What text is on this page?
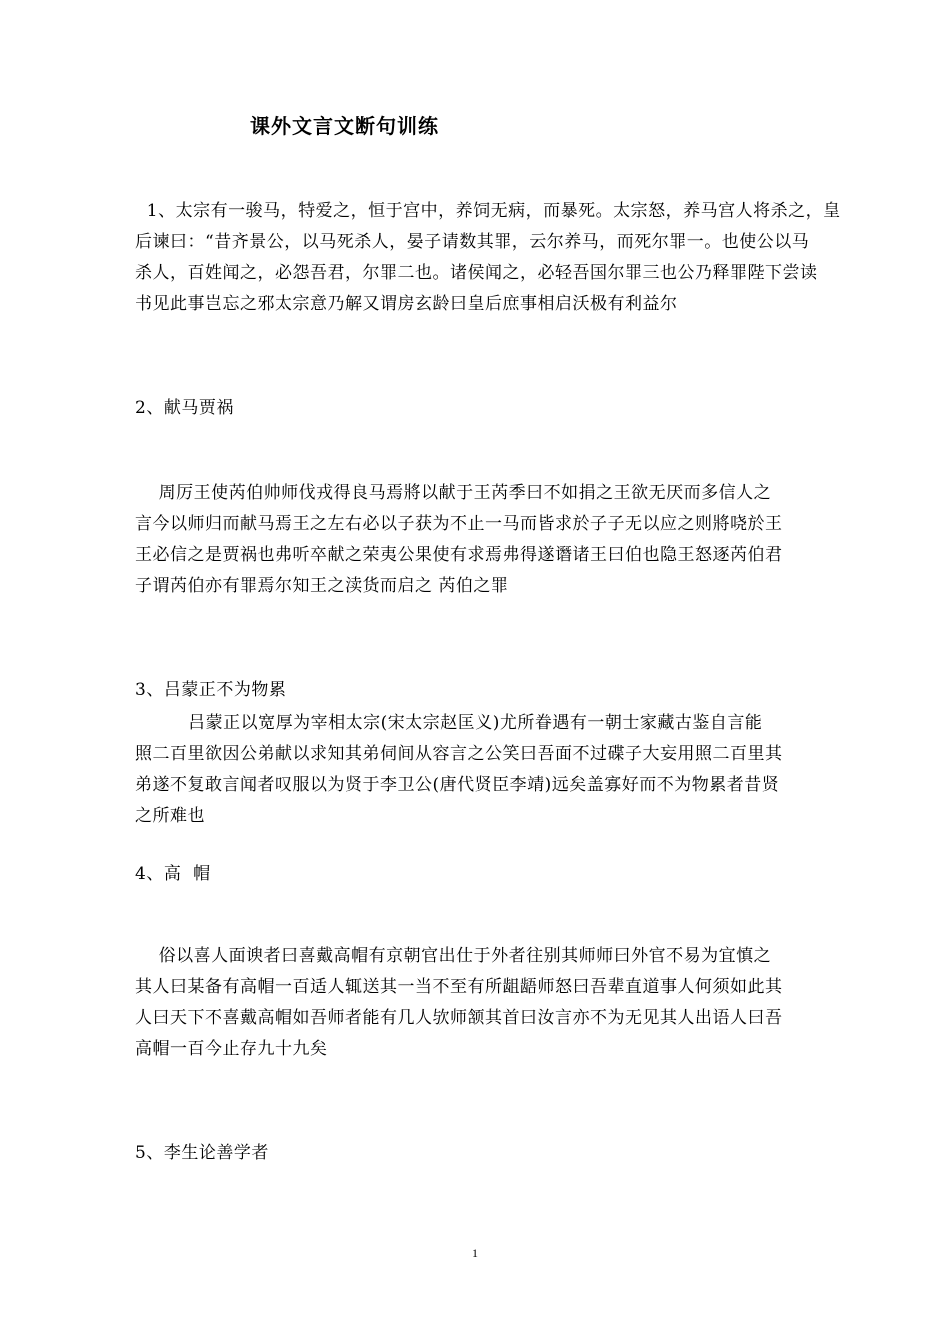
课外文言文断句训练
1、太宗有一骏马，特爱之，恒于宫中，养饲无病，而暴死。太宗怒，养马宫人将杀之，皇
后谏曰：“昔齐景公，以马死杀人，晏子请数其罪，云尔养马，而死尔罪一。也使公以马
杀人，百姓闻之，必怨吾君，尔罪二也。诸侯闻之，必轻吾国尔罪三也公乃释罪陛下尝读
书见此事岂忘之邪太宗意乃解又谓房玄龄曰皇后庶事相启沃极有利益尔
2、献马贾祸
周厉王使芮伯帅师伐戎得良马焉將以献于王芮季曰不如捐之王欲无厌而多信人之
言今以师归而献马焉王之左右必以子获为不止一马而皆求於子子无以应之则將哓於王
王必信之是贾祸也弗听卒献之荣夷公果使有求焉弗得遂谮诸王曰伯也隐王怒逐芮伯君
子谓芮伯亦有罪焉尔知王之渎货而启之 芮伯之罪
3、吕蒙正不为物累
吕蒙正以宽厚为宰相太宗(宋太宗赵匡义)尤所眷遇有一朝士家藏古鉴自言能
照二百里欲因公弟献以求知其弟伺间从容言之公笑曰吾面不过碟子大妄用照二百里其
弟遂不复敢言闻者叹服以为贤于李卫公(唐代贤臣李靖)远矣盖寡好而不为物累者昔贤
之所难也
4、高  帽
俗以喜人面谀者曰喜戴高帽有京朝官出仕于外者往别其师师曰外官不易为宜慎之
其人曰某备有高帽一百适人辄送其一当不至有所龃龉师怒曰吾辈直道事人何须如此其
人曰天下不喜戴高帽如吾师者能有几人欤师颔其首曰汝言亦不为无见其人出语人曰吾
高帽一百今止存九十九矣
5、李生论善学者
1
